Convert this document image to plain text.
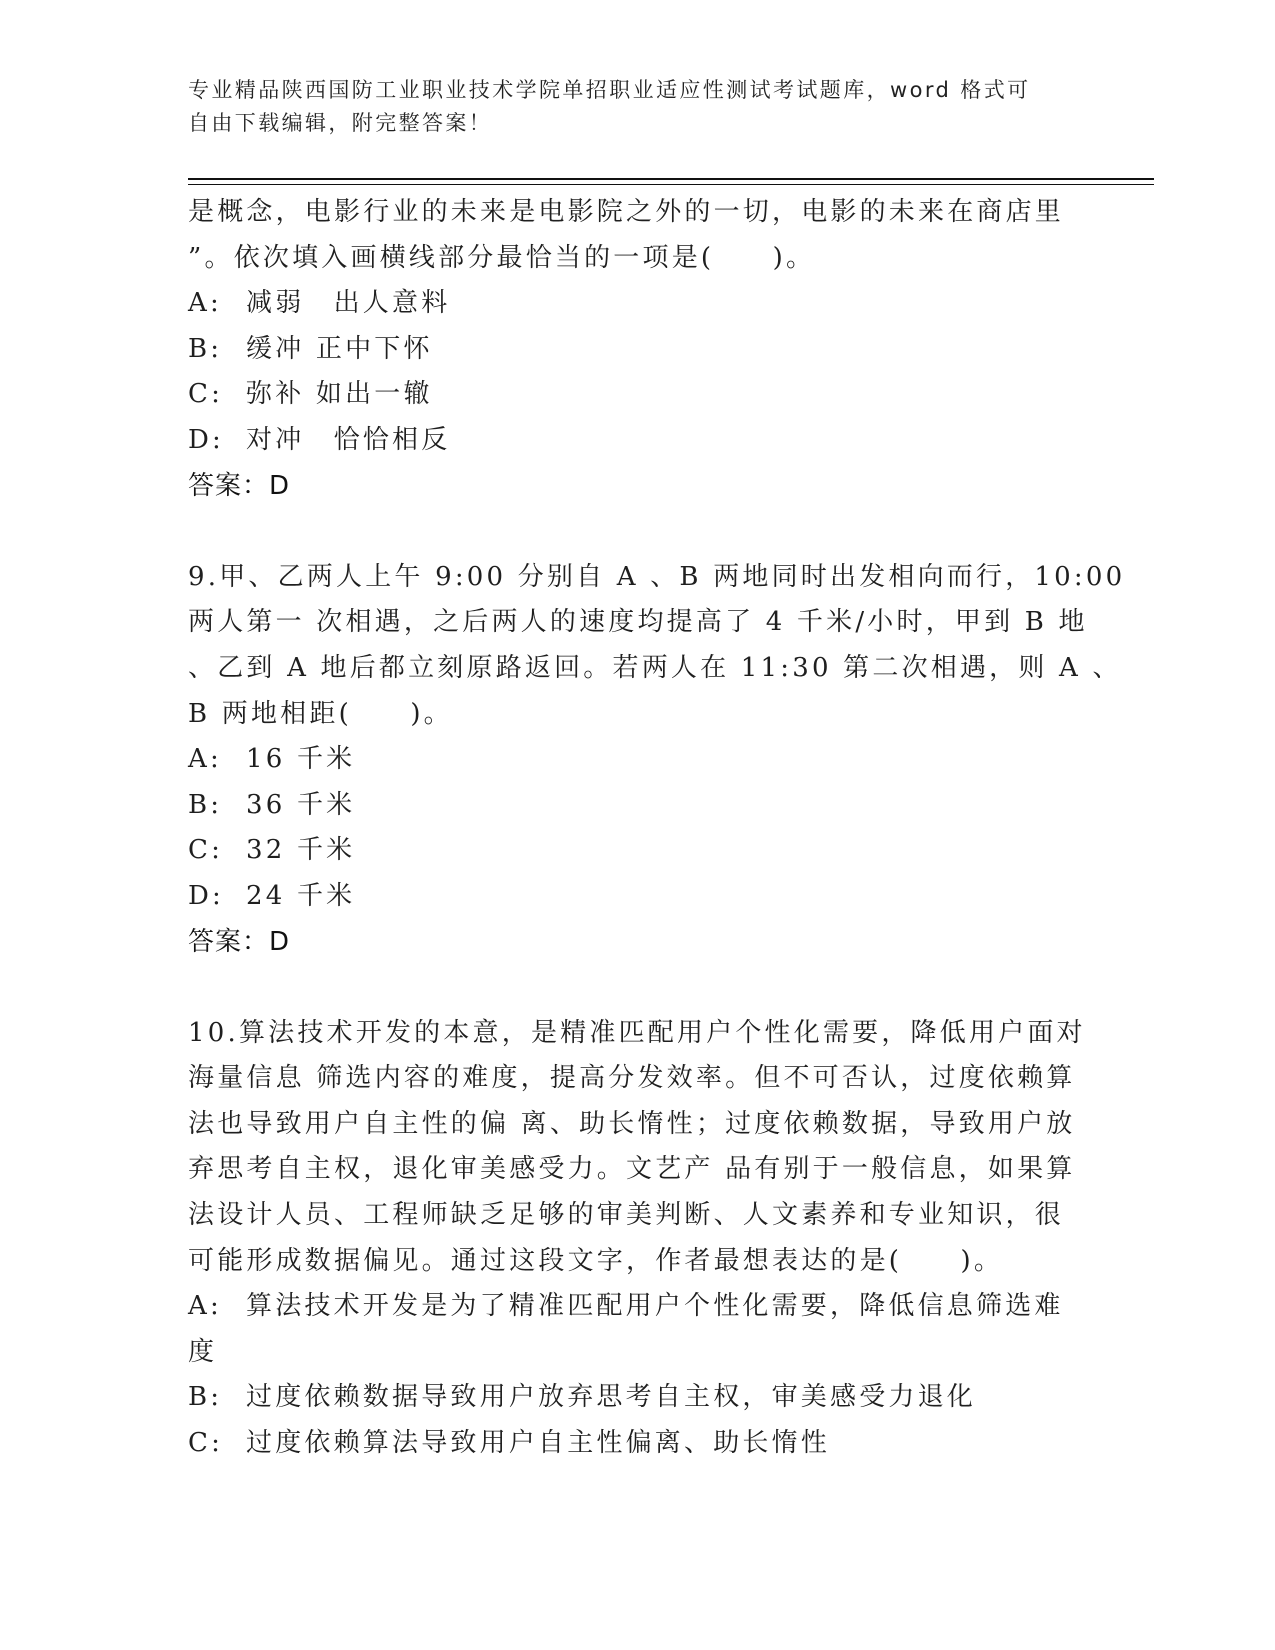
专业精品陕西国防工业职业技术学院单招职业适应性测试考试题库，word 格式可
自由下载编辑，附完整答案！
是概念，电影行业的未来是电影院之外的一切，电影的未来在商店里
”。依次填入画横线部分最恰当的一项是(　　)。
A: 减弱　出人意料
B: 缓冲 正中下怀
C: 弥补 如出一辙
D: 对冲　恰恰相反
答案：D
9.甲、乙两人上午 9:00 分别自 A 、B 两地同时出发相向而行，10:00
两人第一 次相遇，之后两人的速度均提高了 4 千米/小时，甲到 B 地
、乙到 A 地后都立刻原路返回。若两人在 11:30 第二次相遇，则 A 、
B 两地相距(　　)。
A: 16 千米
B: 36 千米
C: 32 千米
D: 24 千米
答案：D
10.算法技术开发的本意，是精准匹配用户个性化需要，降低用户面对
海量信息 筛选内容的难度，提高分发效率。但不可否认，过度依赖算
法也导致用户自主性的偏 离、助长惰性；过度依赖数据，导致用户放
弃思考自主权，退化审美感受力。文艺产 品有别于一般信息，如果算
法设计人员、工程师缺乏足够的审美判断、人文素养和专业知识，很
可能形成数据偏见。通过这段文字，作者最想表达的是(　　)。
A: 算法技术开发是为了精准匹配用户个性化需要，降低信息筛选难
度
B: 过度依赖数据导致用户放弃思考自主权，审美感受力退化
C: 过度依赖算法导致用户自主性偏离、助长惰性
